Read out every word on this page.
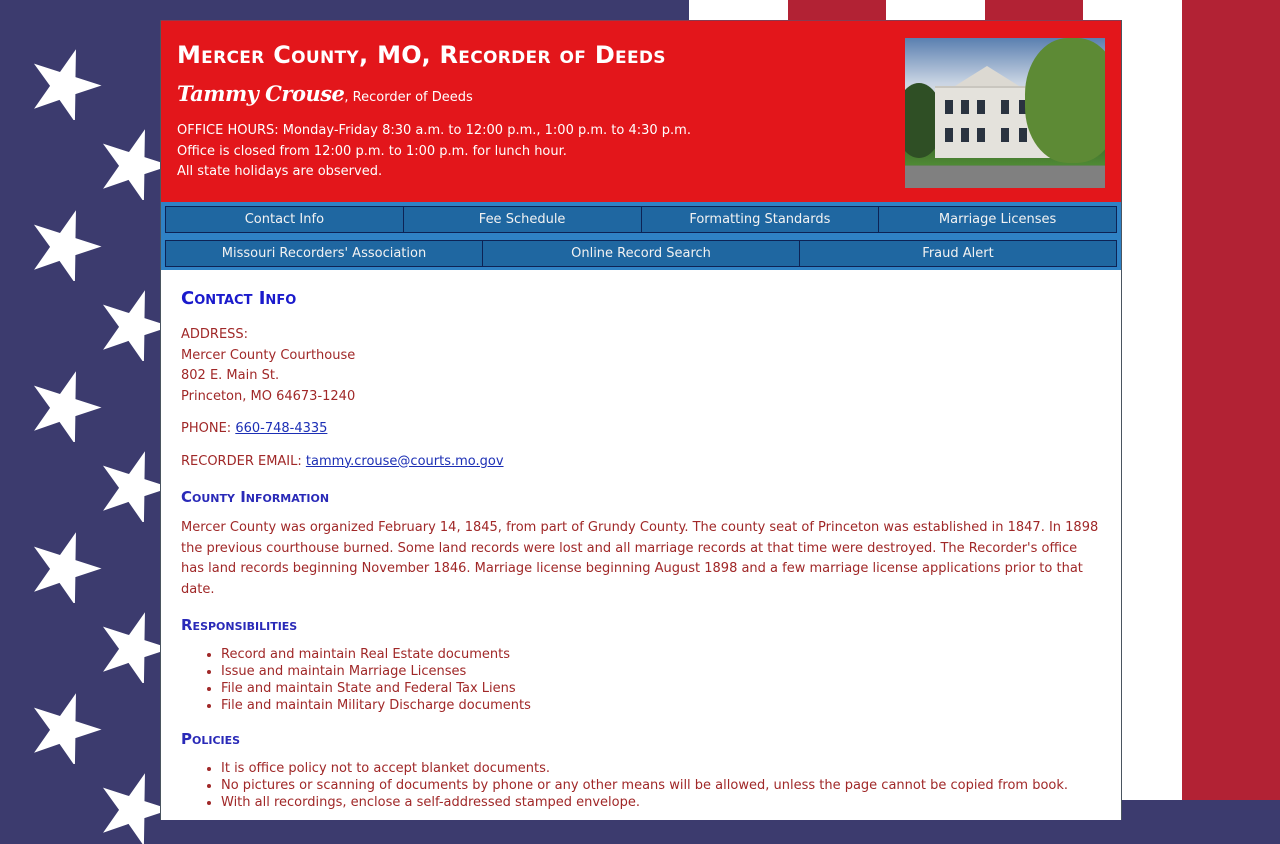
Mercer County, MO, Recorder of Deeds
Tammy Crouse, Recorder of Deeds
OFFICE HOURS: Monday-Friday 8:30 a.m. to 12:00 p.m., 1:00 p.m. to 4:30 p.m.
Office is closed from 12:00 p.m. to 1:00 p.m. for lunch hour.
All state holidays are observed.
Contact Info	Fee Schedule	Formatting Standards	Marriage Licenses
Missouri Recorders' Association	Online Record Search	Fraud Alert
Contact Info
ADDRESS:
Mercer County Courthouse
802 E. Main St.
Princeton, MO 64673-1240
PHONE: 660-748-4335
RECORDER EMAIL: tammy.crouse@courts.mo.gov
County Information

Mercer County was organized February 14, 1845, from part of Grundy County. The county seat of Princeton was established in 1847. In 1898 the previous courthouse burned. Some land records were lost and all marriage records at that time were destroyed. The Recorder's office has land records beginning November 1846. Marriage license beginning August 1898 and a few marriage license applications prior to that date.

Responsibilities
• Record and maintain Real Estate documents
• Issue and maintain Marriage Licenses
• File and maintain State and Federal Tax Liens
• File and maintain Military Discharge documents
Policies
• It is office policy not to accept blanket documents.
• No pictures or scanning of documents by phone or any other means will be allowed, unless the page cannot be copied from book.
• With all recordings, enclose a self-addressed stamped envelope.
